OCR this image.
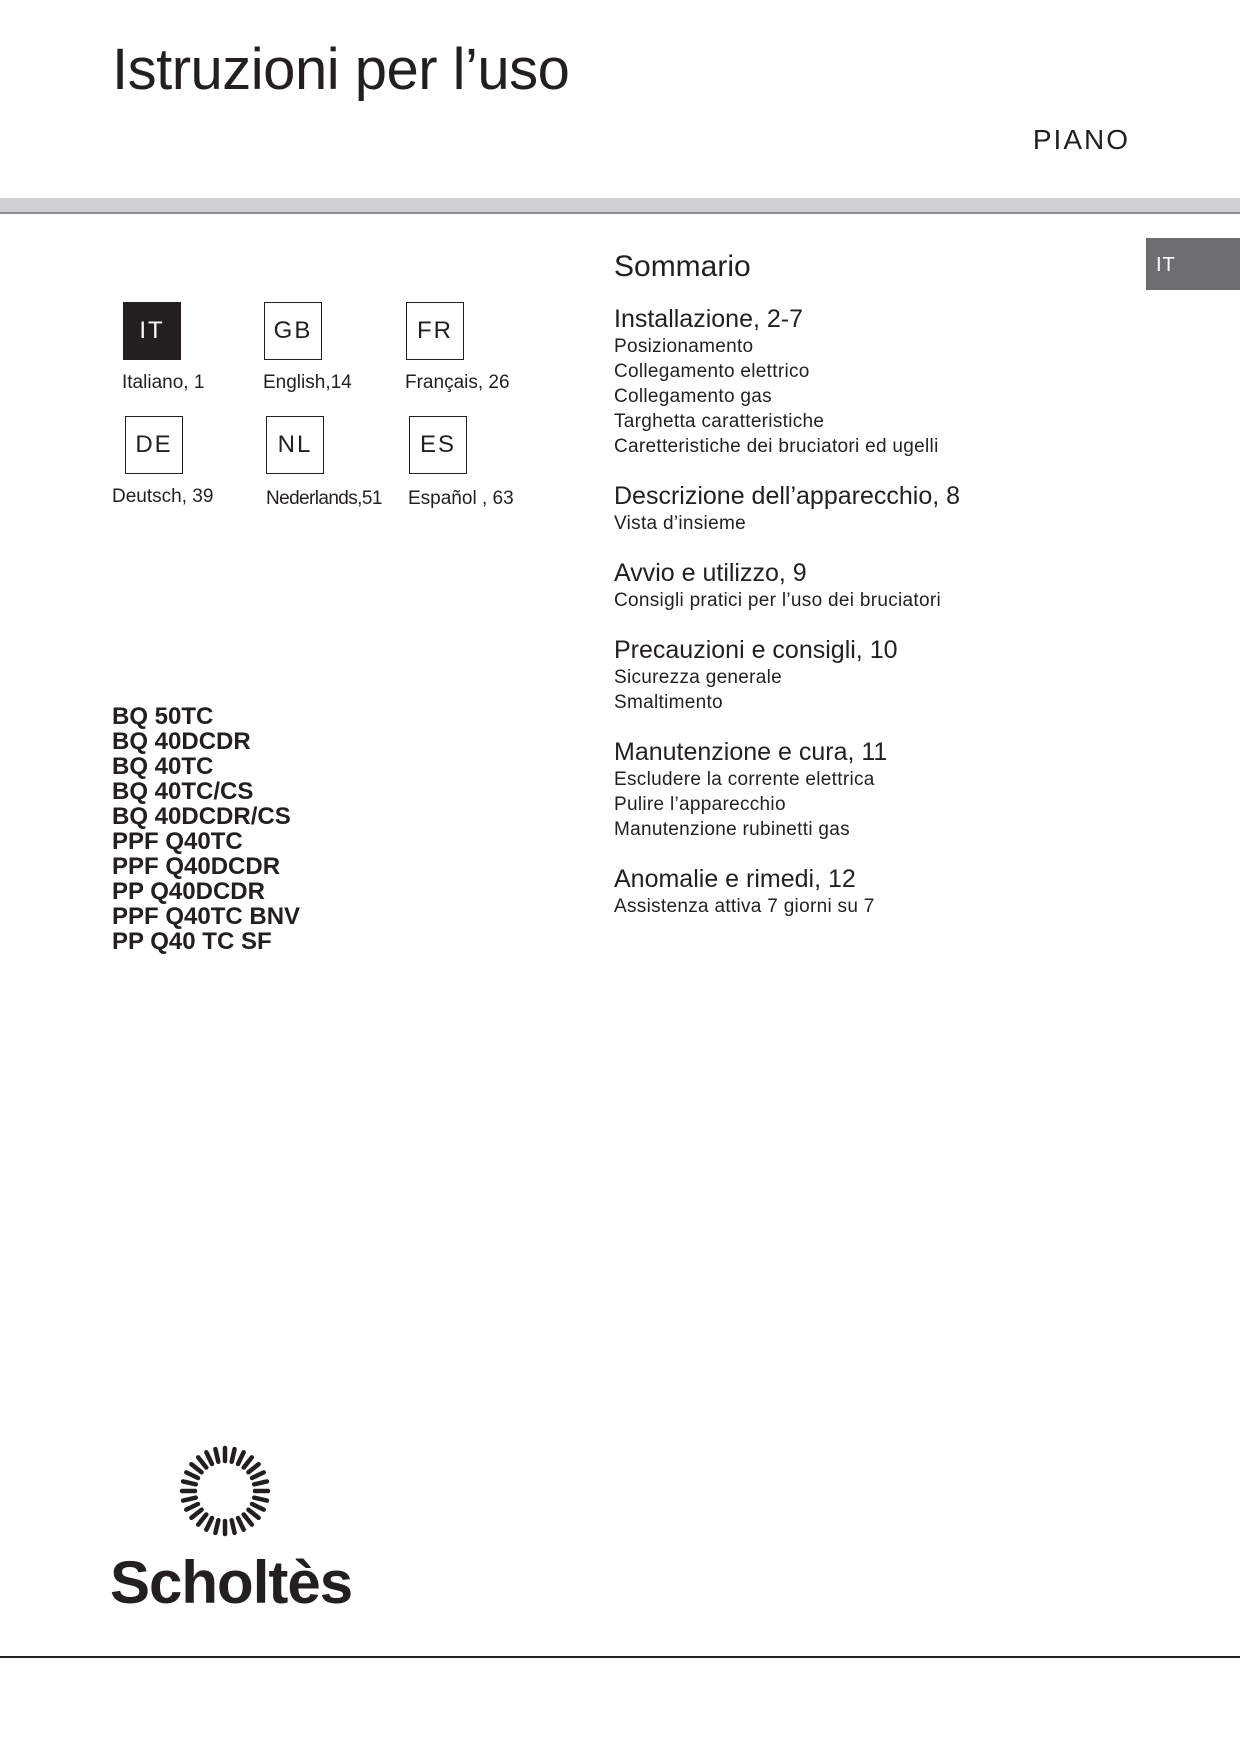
Istruzioni per l’uso
PIANO
IT
IT
Italiano, 1
GB
English,14
FR
Français, 26
DE
Deutsch, 39
NL
Nederlands,51
ES
Español , 63
BQ 50TC
BQ 40DCDR
BQ 40TC
BQ 40TC/CS
BQ 40DCDR/CS
PPF Q40TC
PPF Q40DCDR
PP Q40DCDR
PPF Q40TC BNV
PP Q40 TC SF
Sommario
Installazione, 2-7
Posizionamento
Collegamento elettrico
Collegamento gas
Targhetta caratteristiche
Caretteristiche dei bruciatori ed ugelli
Descrizione dell’apparecchio, 8
Vista d’insieme
Avvio e utilizzo, 9
Consigli pratici per l’uso dei bruciatori
Precauzioni e consigli, 10
Sicurezza generale
Smaltimento
Manutenzione e cura, 11
Escludere la corrente elettrica
Pulire l’apparecchio
Manutenzione rubinetti gas
Anomalie e rimedi, 12
Assistenza attiva 7 giorni su 7
Scholtès
